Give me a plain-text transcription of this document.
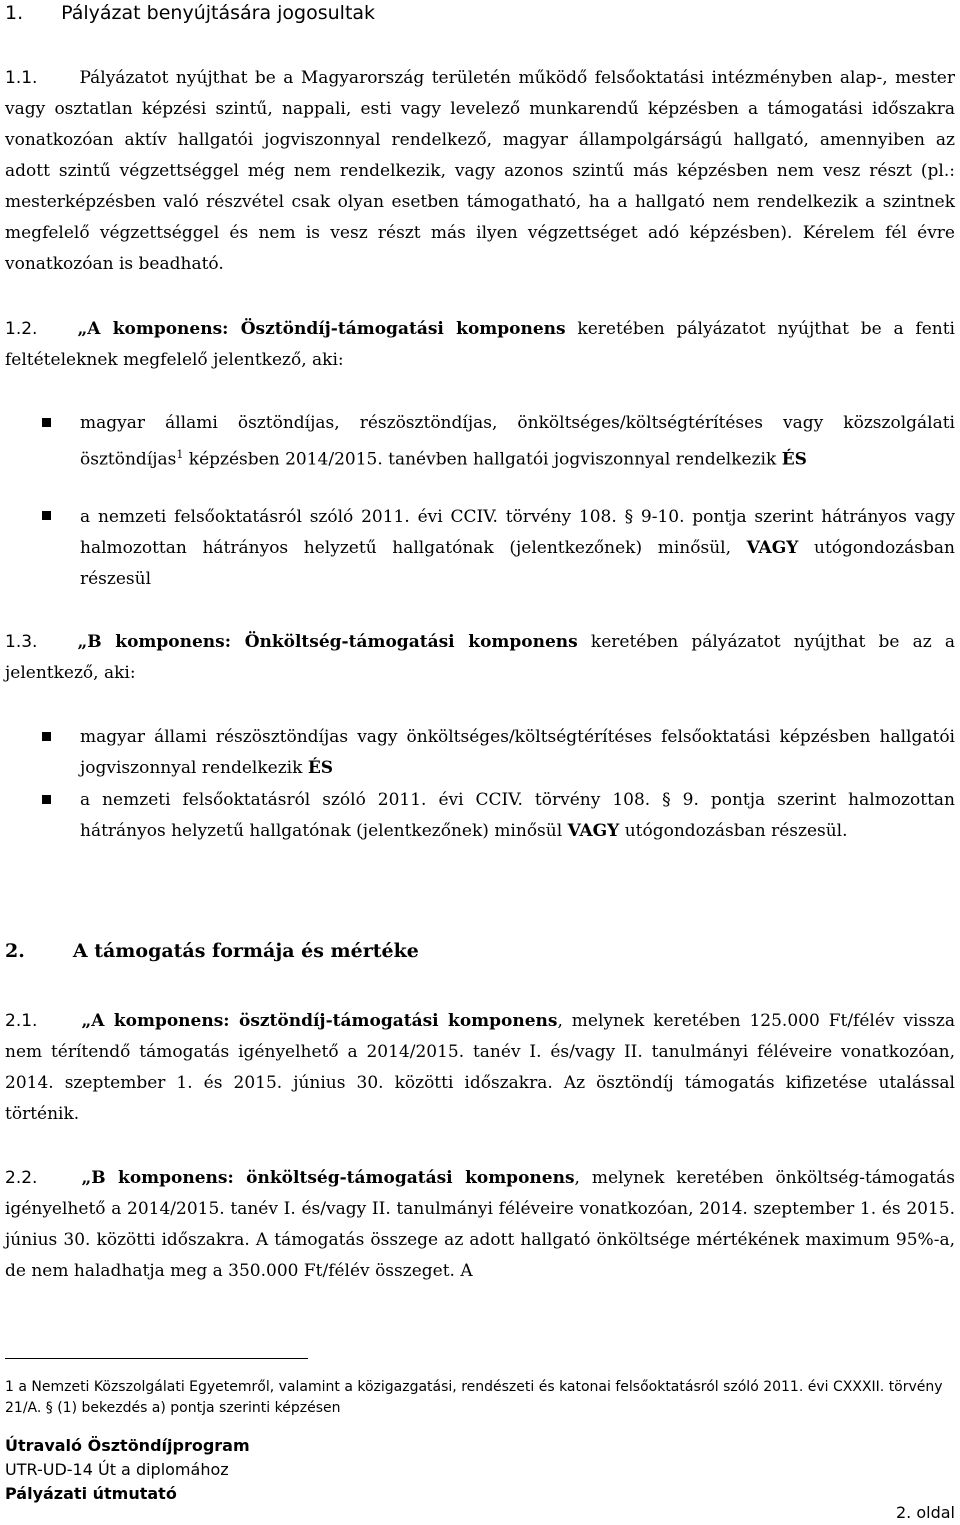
1. Pályázat benyújtására jogosultak

1.1. Pályázatot nyújthat be a Magyarország területén működő felsőoktatási intézményben alap-, mester vagy osztatlan képzési szintű, nappali, esti vagy levelező munkarendű képzésben a támogatási időszakra vonatkozóan aktív hallgatói jogviszonnyal rendelkező, magyar állampolgárságú hallgató, amennyiben az adott szintű végzettséggel még nem rendelkezik, vagy azonos szintű más képzésben nem vesz részt (pl.: mesterképzésben való részvétel csak olyan esetben támogatható, ha a hallgató nem rendelkezik a szintnek megfelelő végzettséggel és nem is vesz részt más ilyen végzettséget adó képzésben). Kérelem fél évre vonatkozóan is beadható.

1.2. „A komponens: Ösztöndíj-támogatási komponens keretében pályázatot nyújthat be a fenti feltételeknek megfelelő jelentkező, aki:

magyar állami ösztöndíjas, részösztöndíjas, önköltséges/költségtérítéses vagy közszolgálati ösztöndíjas$^1$ képzésben 2014/2015. tanévben hallgatói jogviszonnyal rendelkezik ÉS

a nemzeti felsőoktatásról szóló 2011. évi CCIV. törvény 108. § 9-10. pontja szerint hátrányos vagy halmozottan hátrányos helyzetű hallgatónak (jelentkezőnek) minősül, VAGY utógondozásban részesül

1.3. „B komponens: Önköltség-támogatási komponens keretében pályázatot nyújthat be az a jelentkező, aki:

magyar állami részösztöndíjas vagy önköltséges/költségtérítéses felsőoktatási képzésben hallgatói jogviszonnyal rendelkezik ÉS

a nemzeti felsőoktatásról szóló 2011. évi CCIV. törvény 108. § 9. pontja szerint halmozottan hátrányos helyzetű hallgatónak (jelentkezőnek) minősül VAGY utógondozásban részesül.

2.	A támogatás formája és mértéke

2.1.	„A komponens: ösztöndíj-támogatási komponens, melynek keretében 125.000 Ft/félév vissza nem térítendő támogatás igényelhető a 2014/2015. tanév I. és/vagy II. tanulmányi féléveire vonatkozóan, 2014. szeptember 1. és 2015. június 30. közötti időszakra. Az ösztöndíj támogatás kifizetése utalással történik.

2.2.	„B komponens: önköltség-támogatási komponens, melynek keretében önköltség-támogatás igényelhető a 2014/2015. tanév I. és/vagy II. tanulmányi féléveire vonatkozóan, 2014. szeptember 1. és 2015. június 30. közötti időszakra. A támogatás összege az adott hallgató önköltsége mértékének maximum 95%-a, de nem haladhatja meg a 350.000 Ft/félév összeget. A

1 a Nemzeti Közszolgálati Egyetemről, valamint a közigazgatási, rendészeti és katonai felsőoktatásról szóló 2011. évi CXXXII. törvény 21/A. § (1) bekezdés a) pontja szerinti képzésen

Útravaló Ösztöndíjprogram
UTR-UD-14 Út a diplomához
Pályázati útmutató
2. oldal
